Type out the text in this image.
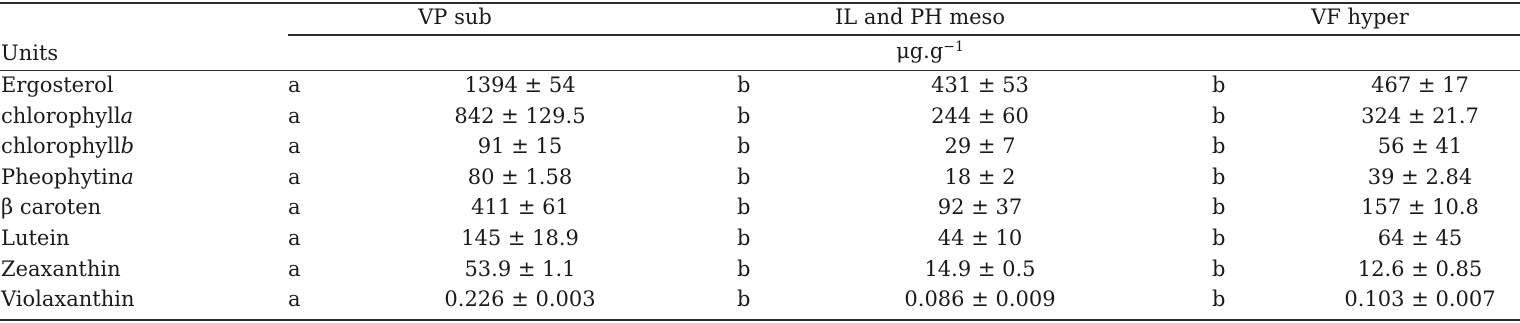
VP sub	IL and PH meso	VF hyper
Units	$\mu g.g^{-1}$
Ergosterol	a	1394 ± 54	b	431 ± 53	b	467 ± 17
chlorophylla	a	842 ± 129.5	b	244 ± 60	b	324 ± 21.7
chlorophyllb	a	91 ± 15	b	29 ± 7	b	56 ± 41
Pheophytina	a	80 ± 1.58	b	18 ± 2	b	39 ± 2.84
β caroten	a	411 ± 61	b	92 ± 37	b	157 ± 10.8
Lutein	a	145 ± 18.9	b	44 ± 10	b	64 ± 45
Zeaxanthin	a	53.9 ± 1.1	b	14.9 ± 0.5	b	12.6 ± 0.85
Violaxanthin	a	0.226 ± 0.003	b	0.086 ± 0.009	b	0.103 ± 0.007
